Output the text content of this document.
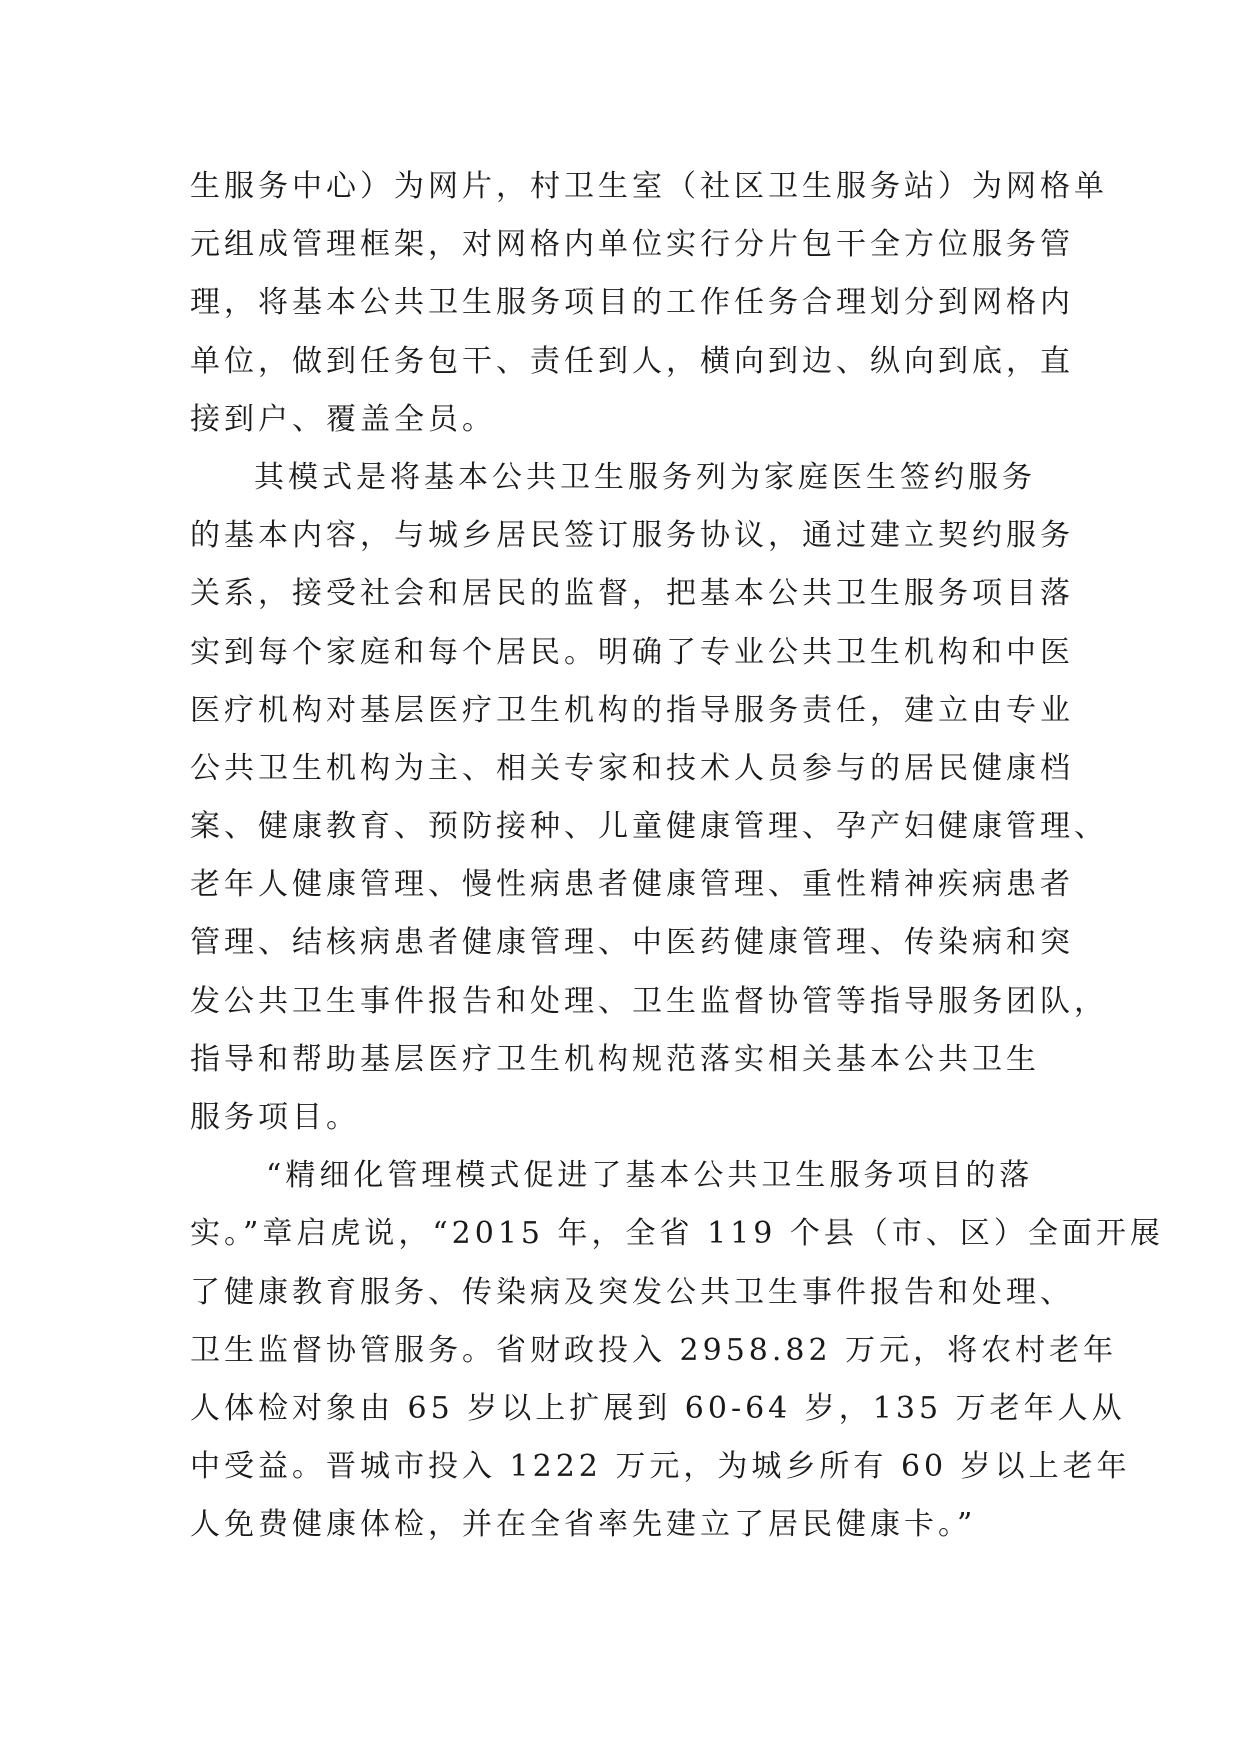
生服务中心）为网片，村卫生室（社区卫生服务站）为网格单
元组成管理框架，对网格内单位实行分片包干全方位服务管
理，将基本公共卫生服务项目的工作任务合理划分到网格内
单位，做到任务包干、责任到人，横向到边、纵向到底，直
接到户、覆盖全员。
其模式是将基本公共卫生服务列为家庭医生签约服务
的基本内容，与城乡居民签订服务协议，通过建立契约服务
关系，接受社会和居民的监督，把基本公共卫生服务项目落
实到每个家庭和每个居民。明确了专业公共卫生机构和中医
医疗机构对基层医疗卫生机构的指导服务责任，建立由专业
公共卫生机构为主、相关专家和技术人员参与的居民健康档
案、健康教育、预防接种、儿童健康管理、孕产妇健康管理、
老年人健康管理、慢性病患者健康管理、重性精神疾病患者
管理、结核病患者健康管理、中医药健康管理、传染病和突
发公共卫生事件报告和处理、卫生监督协管等指导服务团队，
指导和帮助基层医疗卫生机构规范落实相关基本公共卫生
服务项目。
“精细化管理模式促进了基本公共卫生服务项目的落
实。”章启虎说，“2015 年，全省 119 个县（市、区）全面开展
了健康教育服务、传染病及突发公共卫生事件报告和处理、
卫生监督协管服务。省财政投入 2958.82 万元，将农村老年
人体检对象由 65 岁以上扩展到 60-64 岁，135 万老年人从
中受益。晋城市投入 1222 万元，为城乡所有 60 岁以上老年
人免费健康体检，并在全省率先建立了居民健康卡。”
